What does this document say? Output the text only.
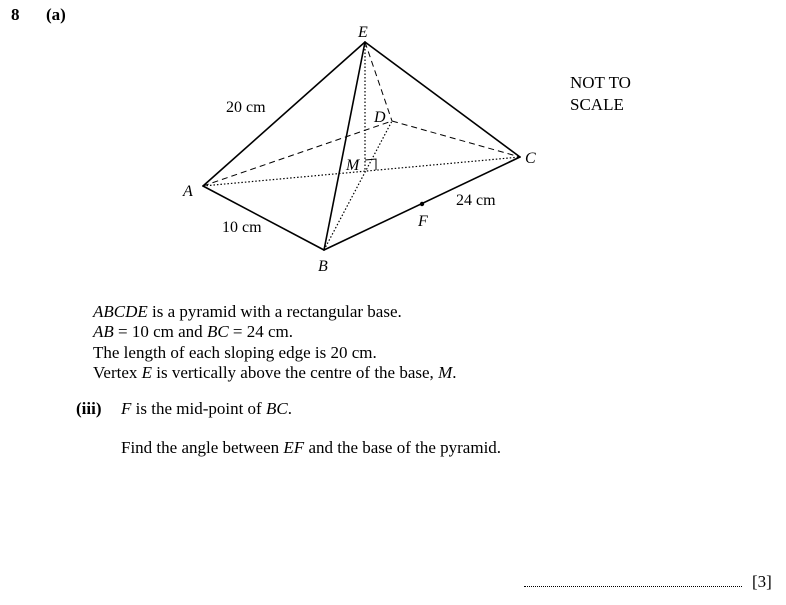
8 (a)
E
D
M
A
B
C
F
20 cm
10 cm
24 cm
NOT TO
SCALE
ABCDE is a pyramid with a rectangular base.
AB = 10 cm and BC = 24 cm.
The length of each sloping edge is 20 cm.
Vertex E is vertically above the centre of the base, M.
(iii) F is the mid-point of BC.
Find the angle between EF and the base of the pyramid.
[3]
